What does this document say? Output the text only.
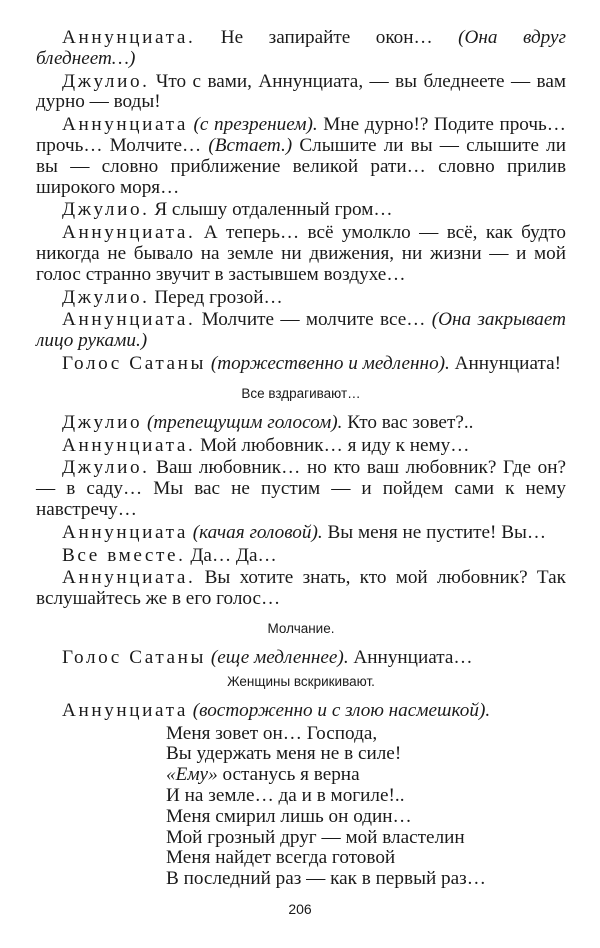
Аннунциата. Не запирайте окон… (Она вдруг бледнеет…)

Джулио. Что с вами, Аннунциата, — вы бледнеете — вам дурно — воды!

Аннунциата (с презрением). Мне дурно!? Подите прочь… прочь… Молчите… (Встает.) Слышите ли вы — слышите ли вы — словно приближение великой рати… словно прилив широкого моря…

Джулио. Я слышу отдаленный гром…

Аннунциата. А теперь… всё умолкло — всё, как будто никогда не бывало на земле ни движения, ни жизни — и мой голос странно звучит в застывшем воздухе…

Джулио. Перед грозой…

Аннунциата. Молчите — молчите все… (Она закрывает лицо руками.)

Голос Сатаны (торжественно и медленно). Аннунциата!

Все вздрагивают…

Джулио (трепещущим голосом). Кто вас зовет?..

Аннунциата. Мой любовник… я иду к нему…

Джулио. Ваш любовник… но кто ваш любовник? Где он? — в саду… Мы вас не пустим — и пойдем сами к нему навстречу…

Аннунциата (качая головой). Вы меня не пустите! Вы…

Все вместе. Да… Да…

Аннунциата. Вы хотите знать, кто мой любовник? Так вслушайтесь же в его голос…

Молчание.

Голос Сатаны (еще медленнее). Аннунциата…

Женщины вскрикивают.

Аннунциата (восторженно и с злою насмешкой).

Меня зовет он… Господа,
Вы удержать меня не в силе!
«Ему» останусь я верна
И на земле… да и в могиле!..
Меня смирил лишь он один…
Мой грозный друг — мой властелин
Меня найдет всегда готовой
В последний раз — как в первый раз…
206
